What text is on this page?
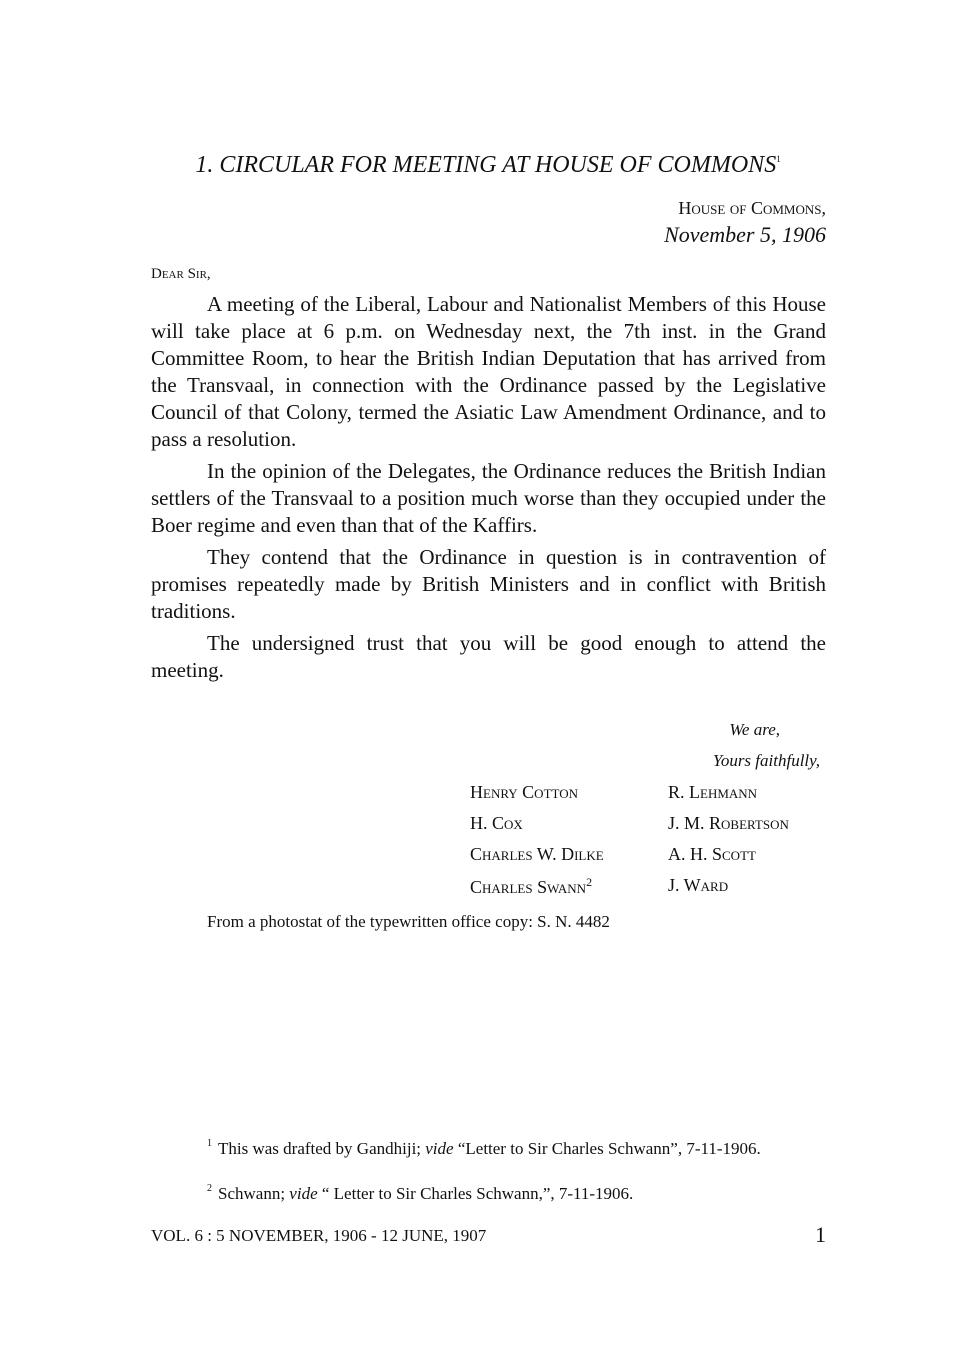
1. CIRCULAR FOR MEETING AT HOUSE OF COMMONS$^1$
House of Commons,
November 5, 1906
Dear Sir,

A meeting of the Liberal, Labour and Nationalist Members of this House will take place at 6 p.m. on Wednesday next, the 7th inst. in the Grand Committee Room, to hear the British Indian Deputation that has arrived from the Transvaal, in connection with the Ordinance passed by the Legislative Council of that Colony, termed the Asiatic Law Amendment Ordinance, and to pass a resolution.

In the opinion of the Delegates, the Ordinance reduces the British Indian settlers of the Transvaal to a position much worse than they occupied under the Boer regime and even than that of the Kaffirs.

They contend that the Ordinance in question is in contravention of promises repeatedly made by British Ministers and in conflict with British traditions.

The undersigned trust that you will be good enough to attend the meeting.

We are,
Yours faithfully,
Henry Cotton
H. Cox
Charles W. Dilke
Charles Swann$^2$
R. Lehmann
J. M. Robertson
A. H. Scott
J. Ward
From a photostat of the typewritten office copy: S. N. 4482
$^1$ This was drafted by Gandhiji; vide “Letter to Sir Charles Schwann”, 7-11-1906.
$^2$ Schwann; vide “ Letter to Sir Charles Schwann,”, 7-11-1906.
VOL. 6 : 5 NOVEMBER, 1906 - 12 JUNE, 1907	1
